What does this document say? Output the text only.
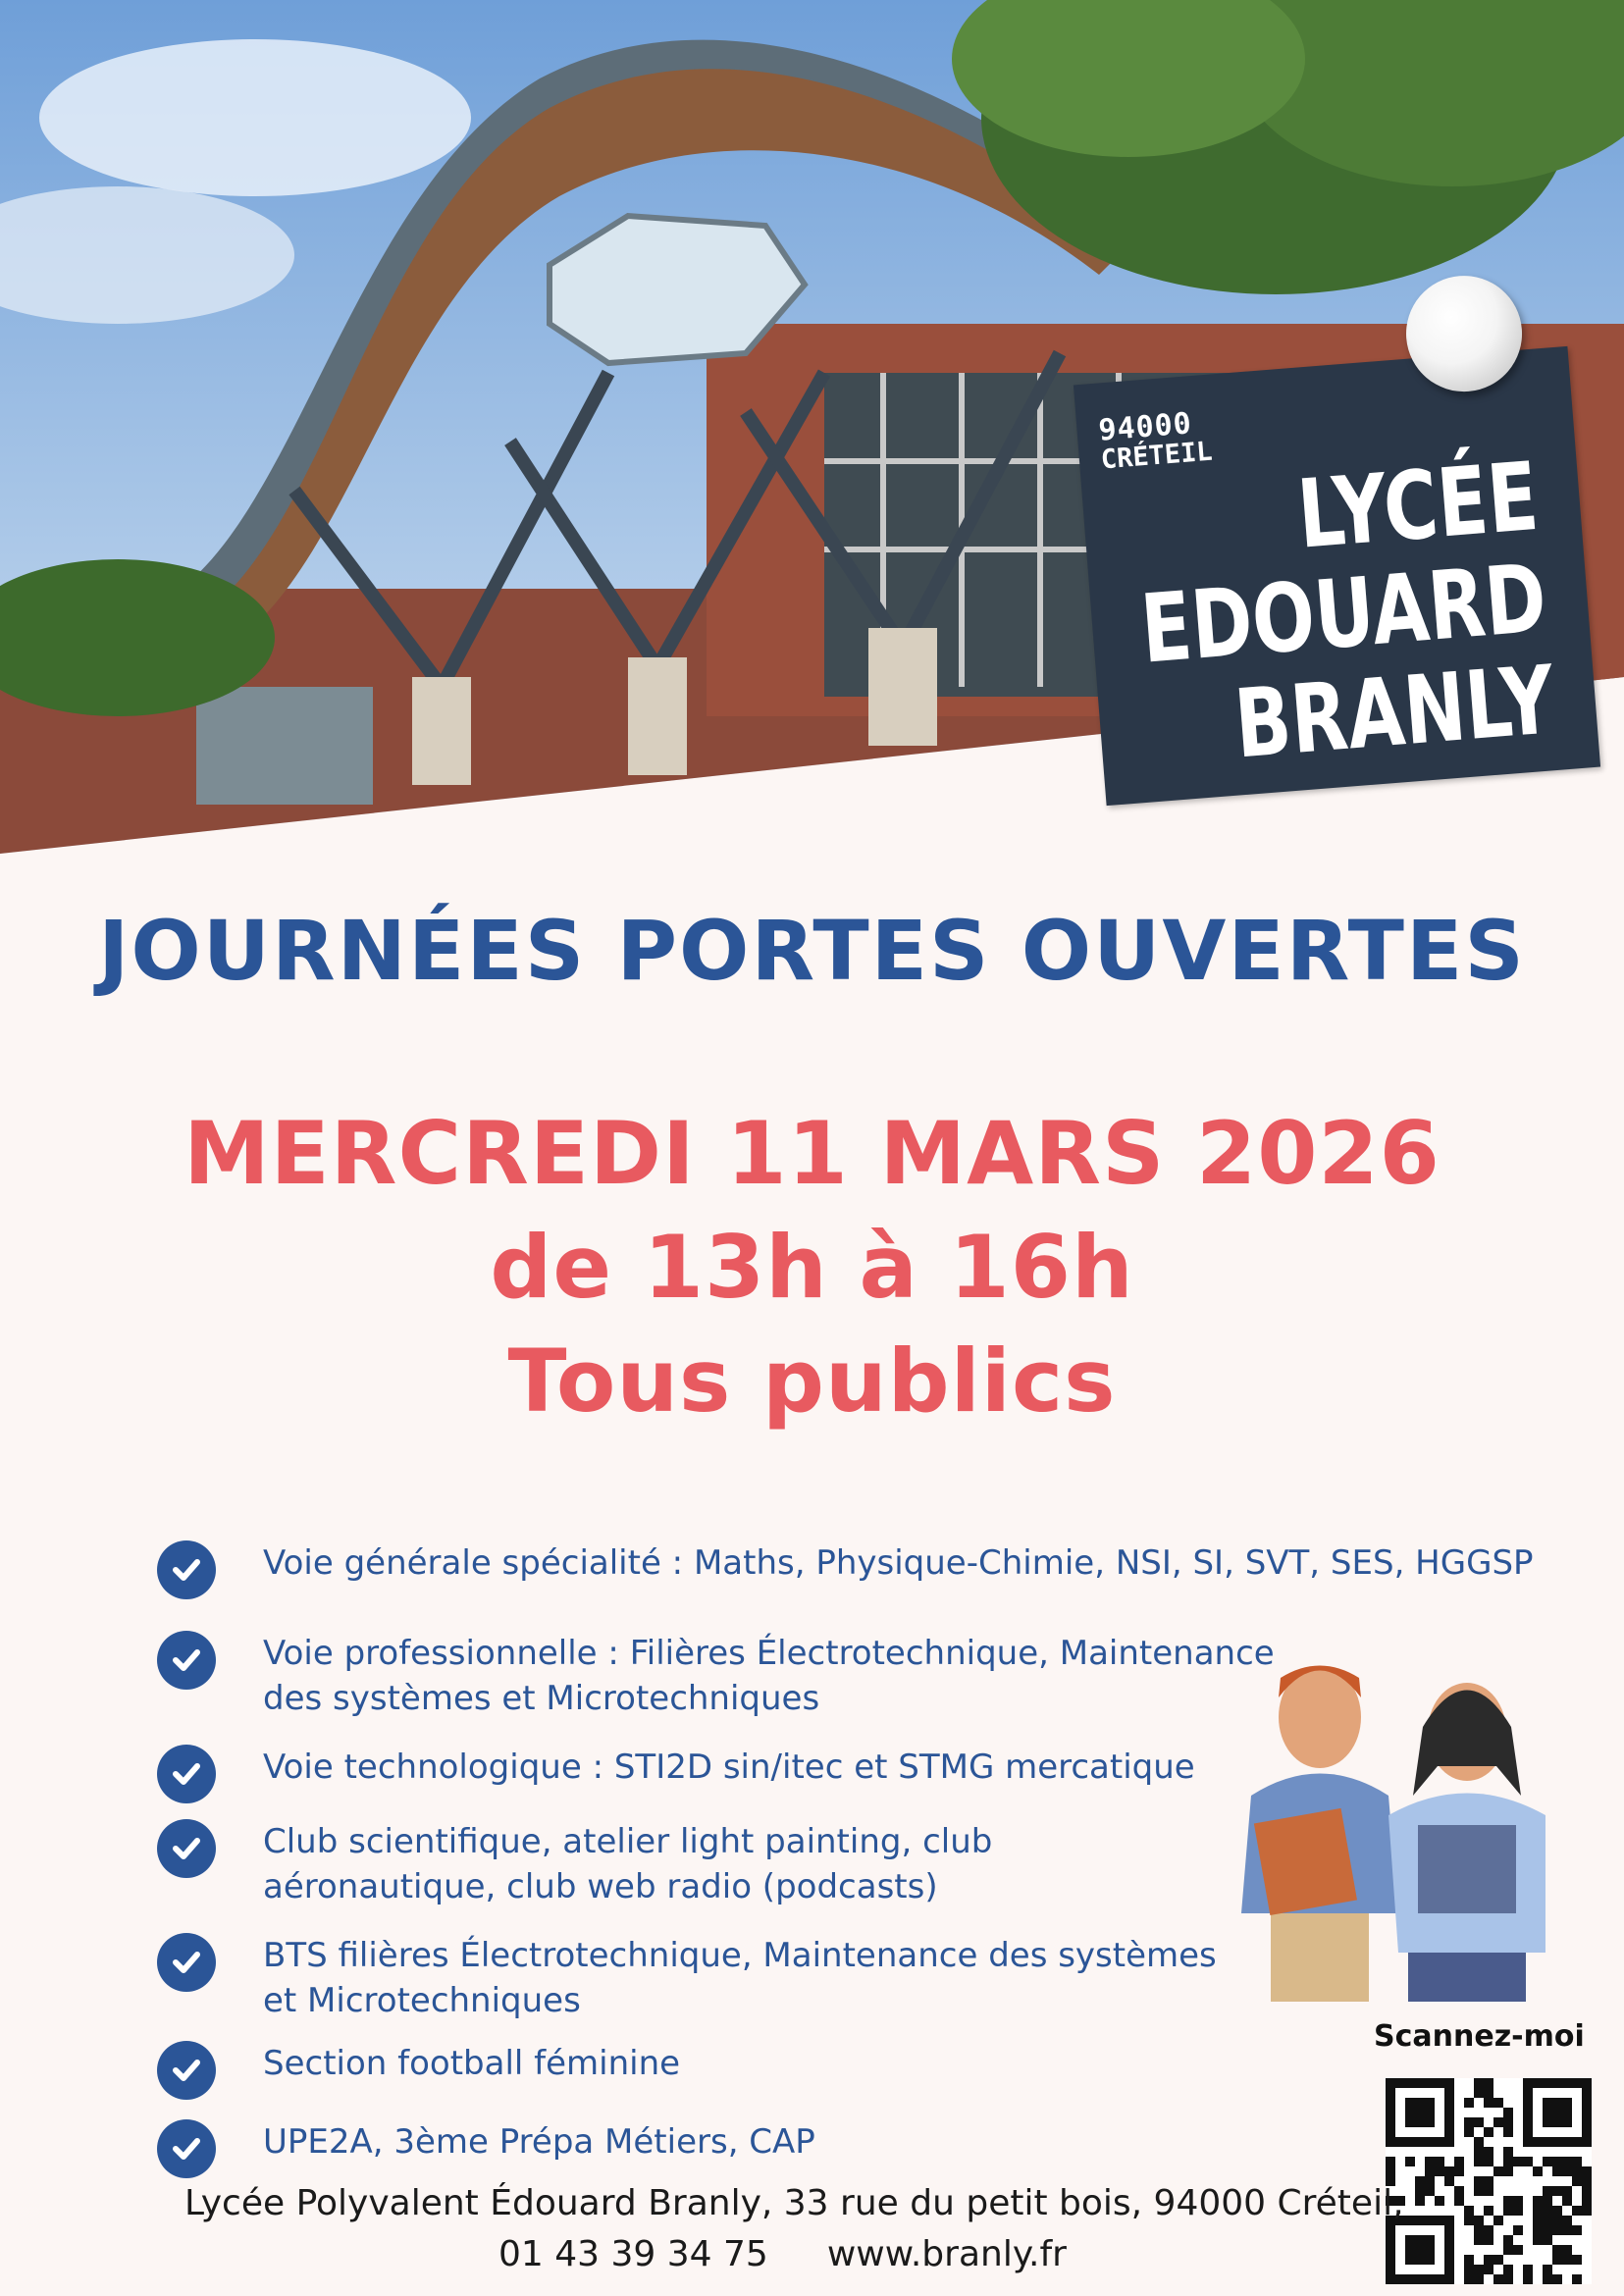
94000
CRÉTEIL LYCÉE
EDOUARD
BRANLY
JOURNÉES PORTES OUVERTES
MERCREDI 11 MARS 2026
de 13h à 16h
Tous publics
Voie générale spécialité : Maths, Physique-Chimie, NSI, SI, SVT, SES, HGGSP
Voie professionnelle : Filières Électrotechnique, Maintenance
des systèmes et Microtechniques
Voie technologique : STI2D sin/itec et STMG mercatique
Club scientifique, atelier light painting, club
aéronautique, club web radio (podcasts)
BTS filières Électrotechnique, Maintenance des systèmes
et Microtechniques
Section football féminine
UPE2A, 3ème Prépa Métiers, CAP
Scannez-moi
Lycée Polyvalent Édouard Branly, 33 rue du petit bois, 94000 Créteil,
01 43 39 34 75 www.branly.fr
